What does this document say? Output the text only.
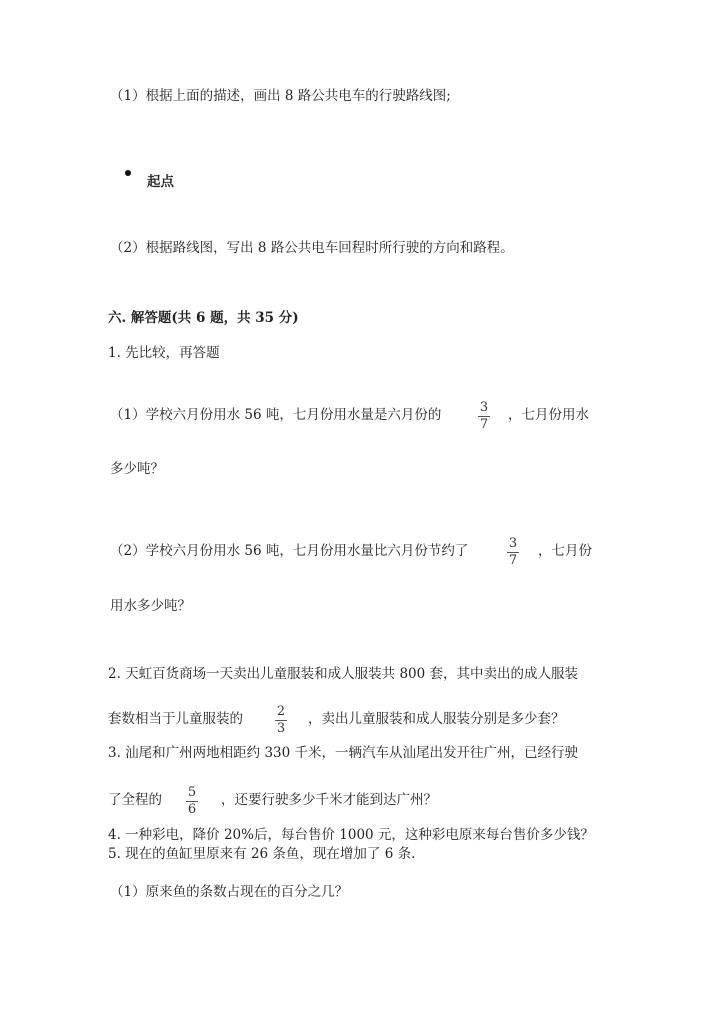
（1）根据上面的描述，画出 8 路公共电车的行驶路线图;
起点
（2）根据路线图，写出 8 路公共电车回程时所行驶的方向和路程。
六. 解答题(共 6 题，共 35 分)
1. 先比较，再答题
（1）学校六月份用水 56 吨，七月份用水量是六月份的	3
7
，七月份用水
多少吨？
（2）学校六月份用水 56 吨，七月份用水量比六月份节约了	3
7
，七月份
用水多少吨？
2. 天虹百货商场一天卖出儿童服装和成人服装共 800 套，其中卖出的成人服装
套数相当于儿童服装的	2
3
，卖出儿童服装和成人服装分别是多少套？
3. 汕尾和广州两地相距约 330 千米，一辆汽车从汕尾出发开往广州，已经行驶
了全程的 5
6
，还要行驶多少千米才能到达广州？
4. 一种彩电，降价 20%后，每台售价 1000 元，这种彩电原来每台售价多少钱？
5. 现在的鱼缸里原来有 26 条鱼，现在增加了 6 条.
（1）原来鱼的条数占现在的百分之几？
